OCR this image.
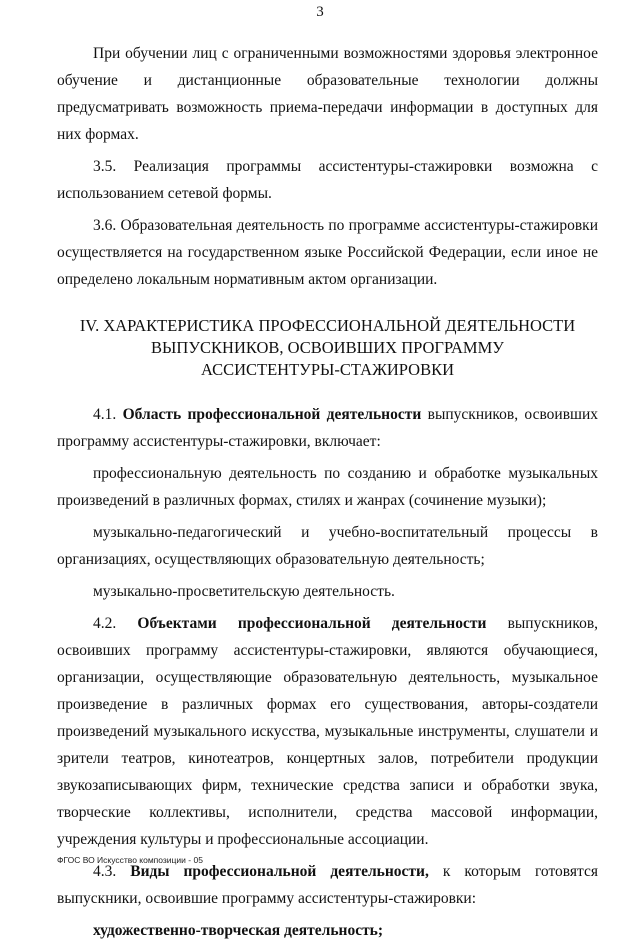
3

При обучении лиц с ограниченными возможностями здоровья электронное обучение и дистанционные образовательные технологии должны предусматривать возможность приема-передачи информации в доступных для них формах.

3.5. Реализация программы ассистентуры-стажировки возможна с использованием сетевой формы.

3.6. Образовательная деятельность по программе ассистентуры-стажировки осуществляется на государственном языке Российской Федерации, если иное не определено локальным нормативным актом организации.

IV. ХАРАКТЕРИСТИКА ПРОФЕССИОНАЛЬНОЙ ДЕЯТЕЛЬНОСТИ
ВЫПУСКНИКОВ, ОСВОИВШИХ ПРОГРАММУ
АССИСТЕНТУРЫ-СТАЖИРОВКИ

4.1. Область профессиональной деятельности выпускников, освоивших программу ассистентуры-стажировки, включает:

профессиональную деятельность по созданию и обработке музыкальных произведений в различных формах, стилях и жанрах (сочинение музыки);

музыкально-педагогический и учебно-воспитательный процессы в организациях, осуществляющих образовательную деятельность;

музыкально-просветительскую деятельность.

4.2. Объектами профессиональной деятельности выпускников, освоивших программу ассистентуры-стажировки, являются обучающиеся, организации, осуществляющие образовательную деятельность, музыкальное произведение в различных формах его существования, авторы-создатели произведений музыкального искусства, музыкальные инструменты, слушатели и зрители театров, кинотеатров, концертных залов, потребители продукции звукозаписывающих фирм, технические средства записи и обработки звука, творческие коллективы, исполнители, средства массовой информации, учреждения культуры и профессиональные ассоциации.

4.3. Виды профессиональной деятельности, к которым готовятся выпускники, освоившие программу ассистентуры-стажировки:

художественно-творческая деятельность;

ФГОС ВО Искусство композиции - 05
